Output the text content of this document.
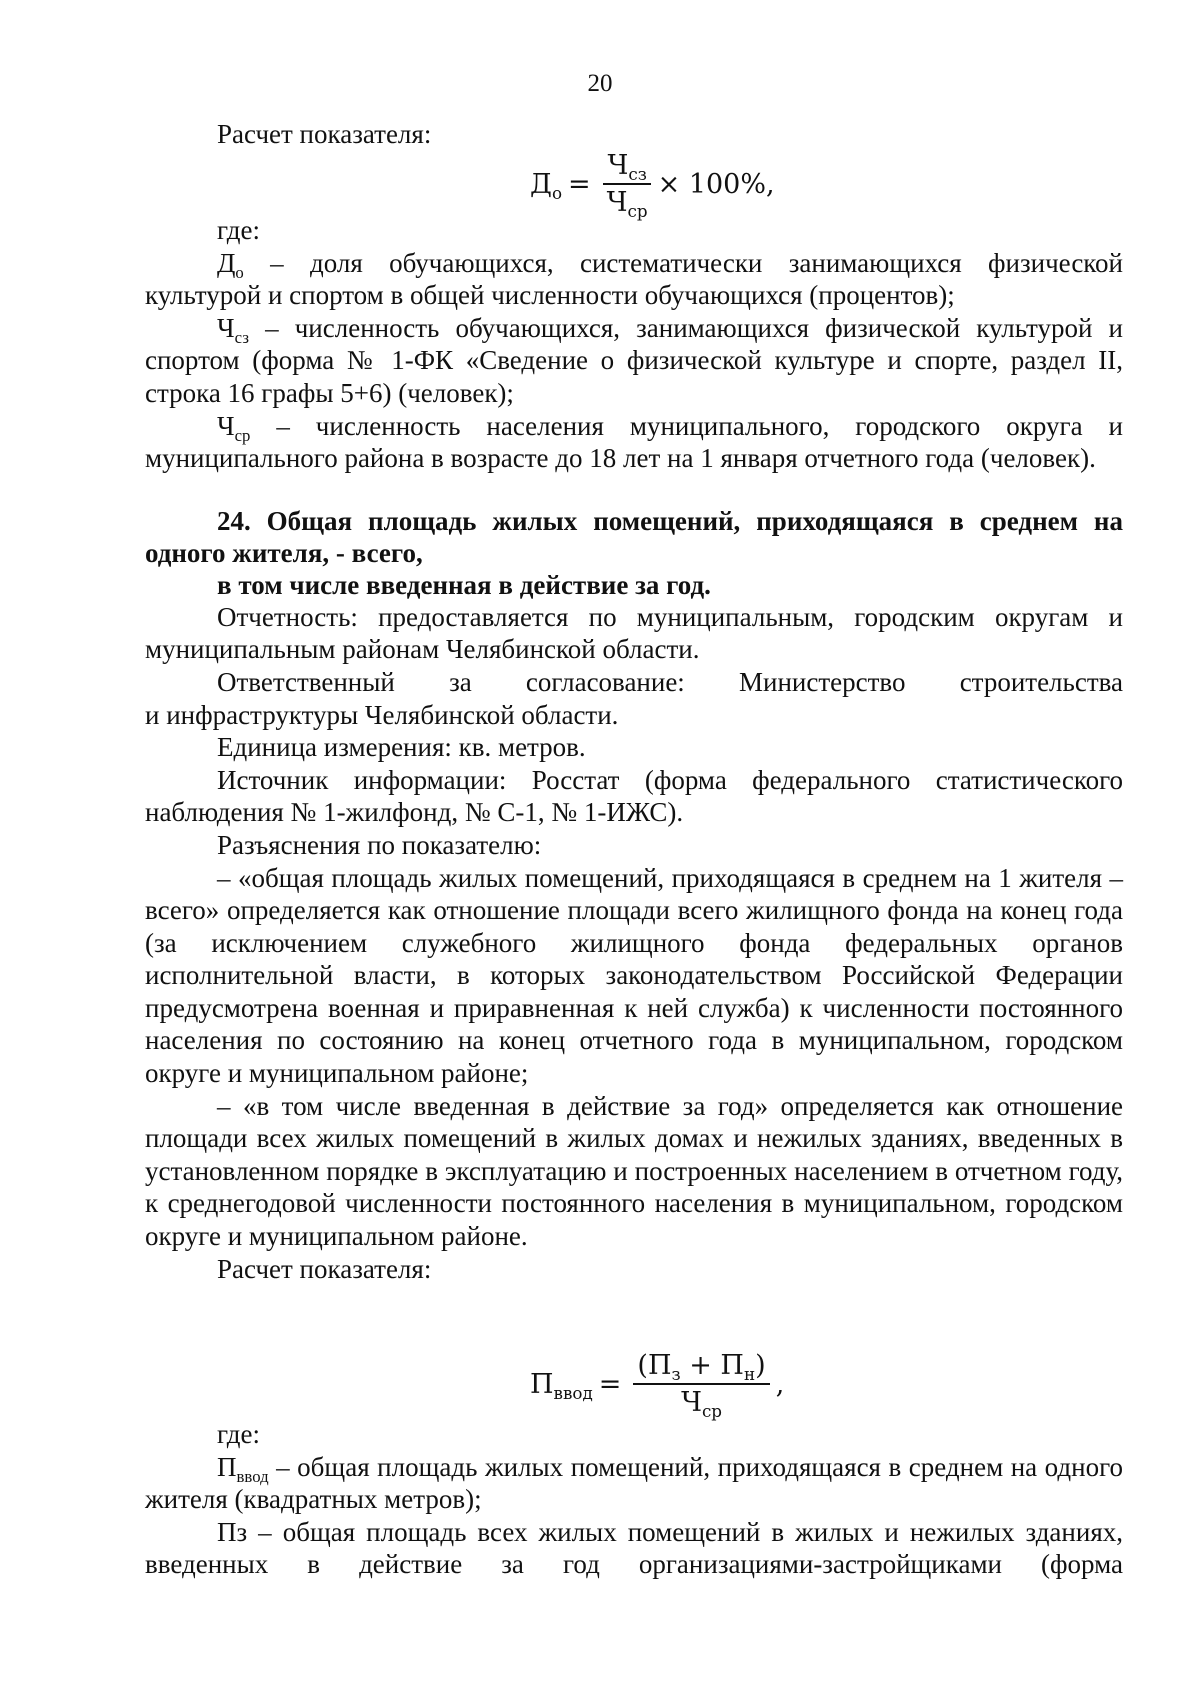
20

Расчет показателя:

$Д_о = \frac{Ч_{сз}}{Ч_{ср}} \times 100\%$,

где:

$Д_о$ – доля обучающихся, систематически занимающихся физической культурой и спортом в общей численности обучающихся (процентов);

$Ч_{сз}$ – численность обучающихся, занимающихся физической культурой и спортом (форма № 1-ФК «Сведение о физической культуре и спорте, раздел II, строка 16 графы 5+6) (человек);

$Ч_{ср}$ – численность населения муниципального, городского округа и муниципального района в возрасте до 18 лет на 1 января отчетного года (человек).

24. Общая площадь жилых помещений, приходящаяся в среднем на одного жителя, - всего,

в том числе введенная в действие за год.

Отчетность: предоставляется по муниципальным, городским округам и муниципальным районам Челябинской области.

Ответственный за согласование: Министерство строительства

и инфраструктуры Челябинской области.

Единица измерения: кв. метров.

Источник информации: Росстат (форма федерального статистического наблюдения № 1-жилфонд, № С-1, № 1-ИЖС).

Разъяснения по показателю:

– «общая площадь жилых помещений, приходящаяся в среднем на 1 жителя – всего» определяется как отношение площади всего жилищного фонда на конец года (за исключением служебного жилищного фонда федеральных органов исполнительной власти, в которых законодательством Российской Федерации предусмотрена военная и приравненная к ней служба) к численности постоянного населения по состоянию на конец отчетного года в муниципальном, городском округе и муниципальном районе;

– «в том числе введенная в действие за год» определяется как отношение площади всех жилых помещений в жилых домах и нежилых зданиях, введенных в установленном порядке в эксплуатацию и построенных населением в отчетном году, к среднегодовой численности постоянного населения в муниципальном, городском округе и муниципальном районе.

Расчет показателя:

$П_{ввод} = \frac{(П_з + П_н)}{Ч_{ср}}$ ,

где:

$П_{ввод}$ – общая площадь жилых помещений, приходящаяся в среднем на одного жителя (квадратных метров);

Пз – общая площадь всех жилых помещений в жилых и нежилых зданиях, введенных в действие за год организациями-застройщиками (форма
